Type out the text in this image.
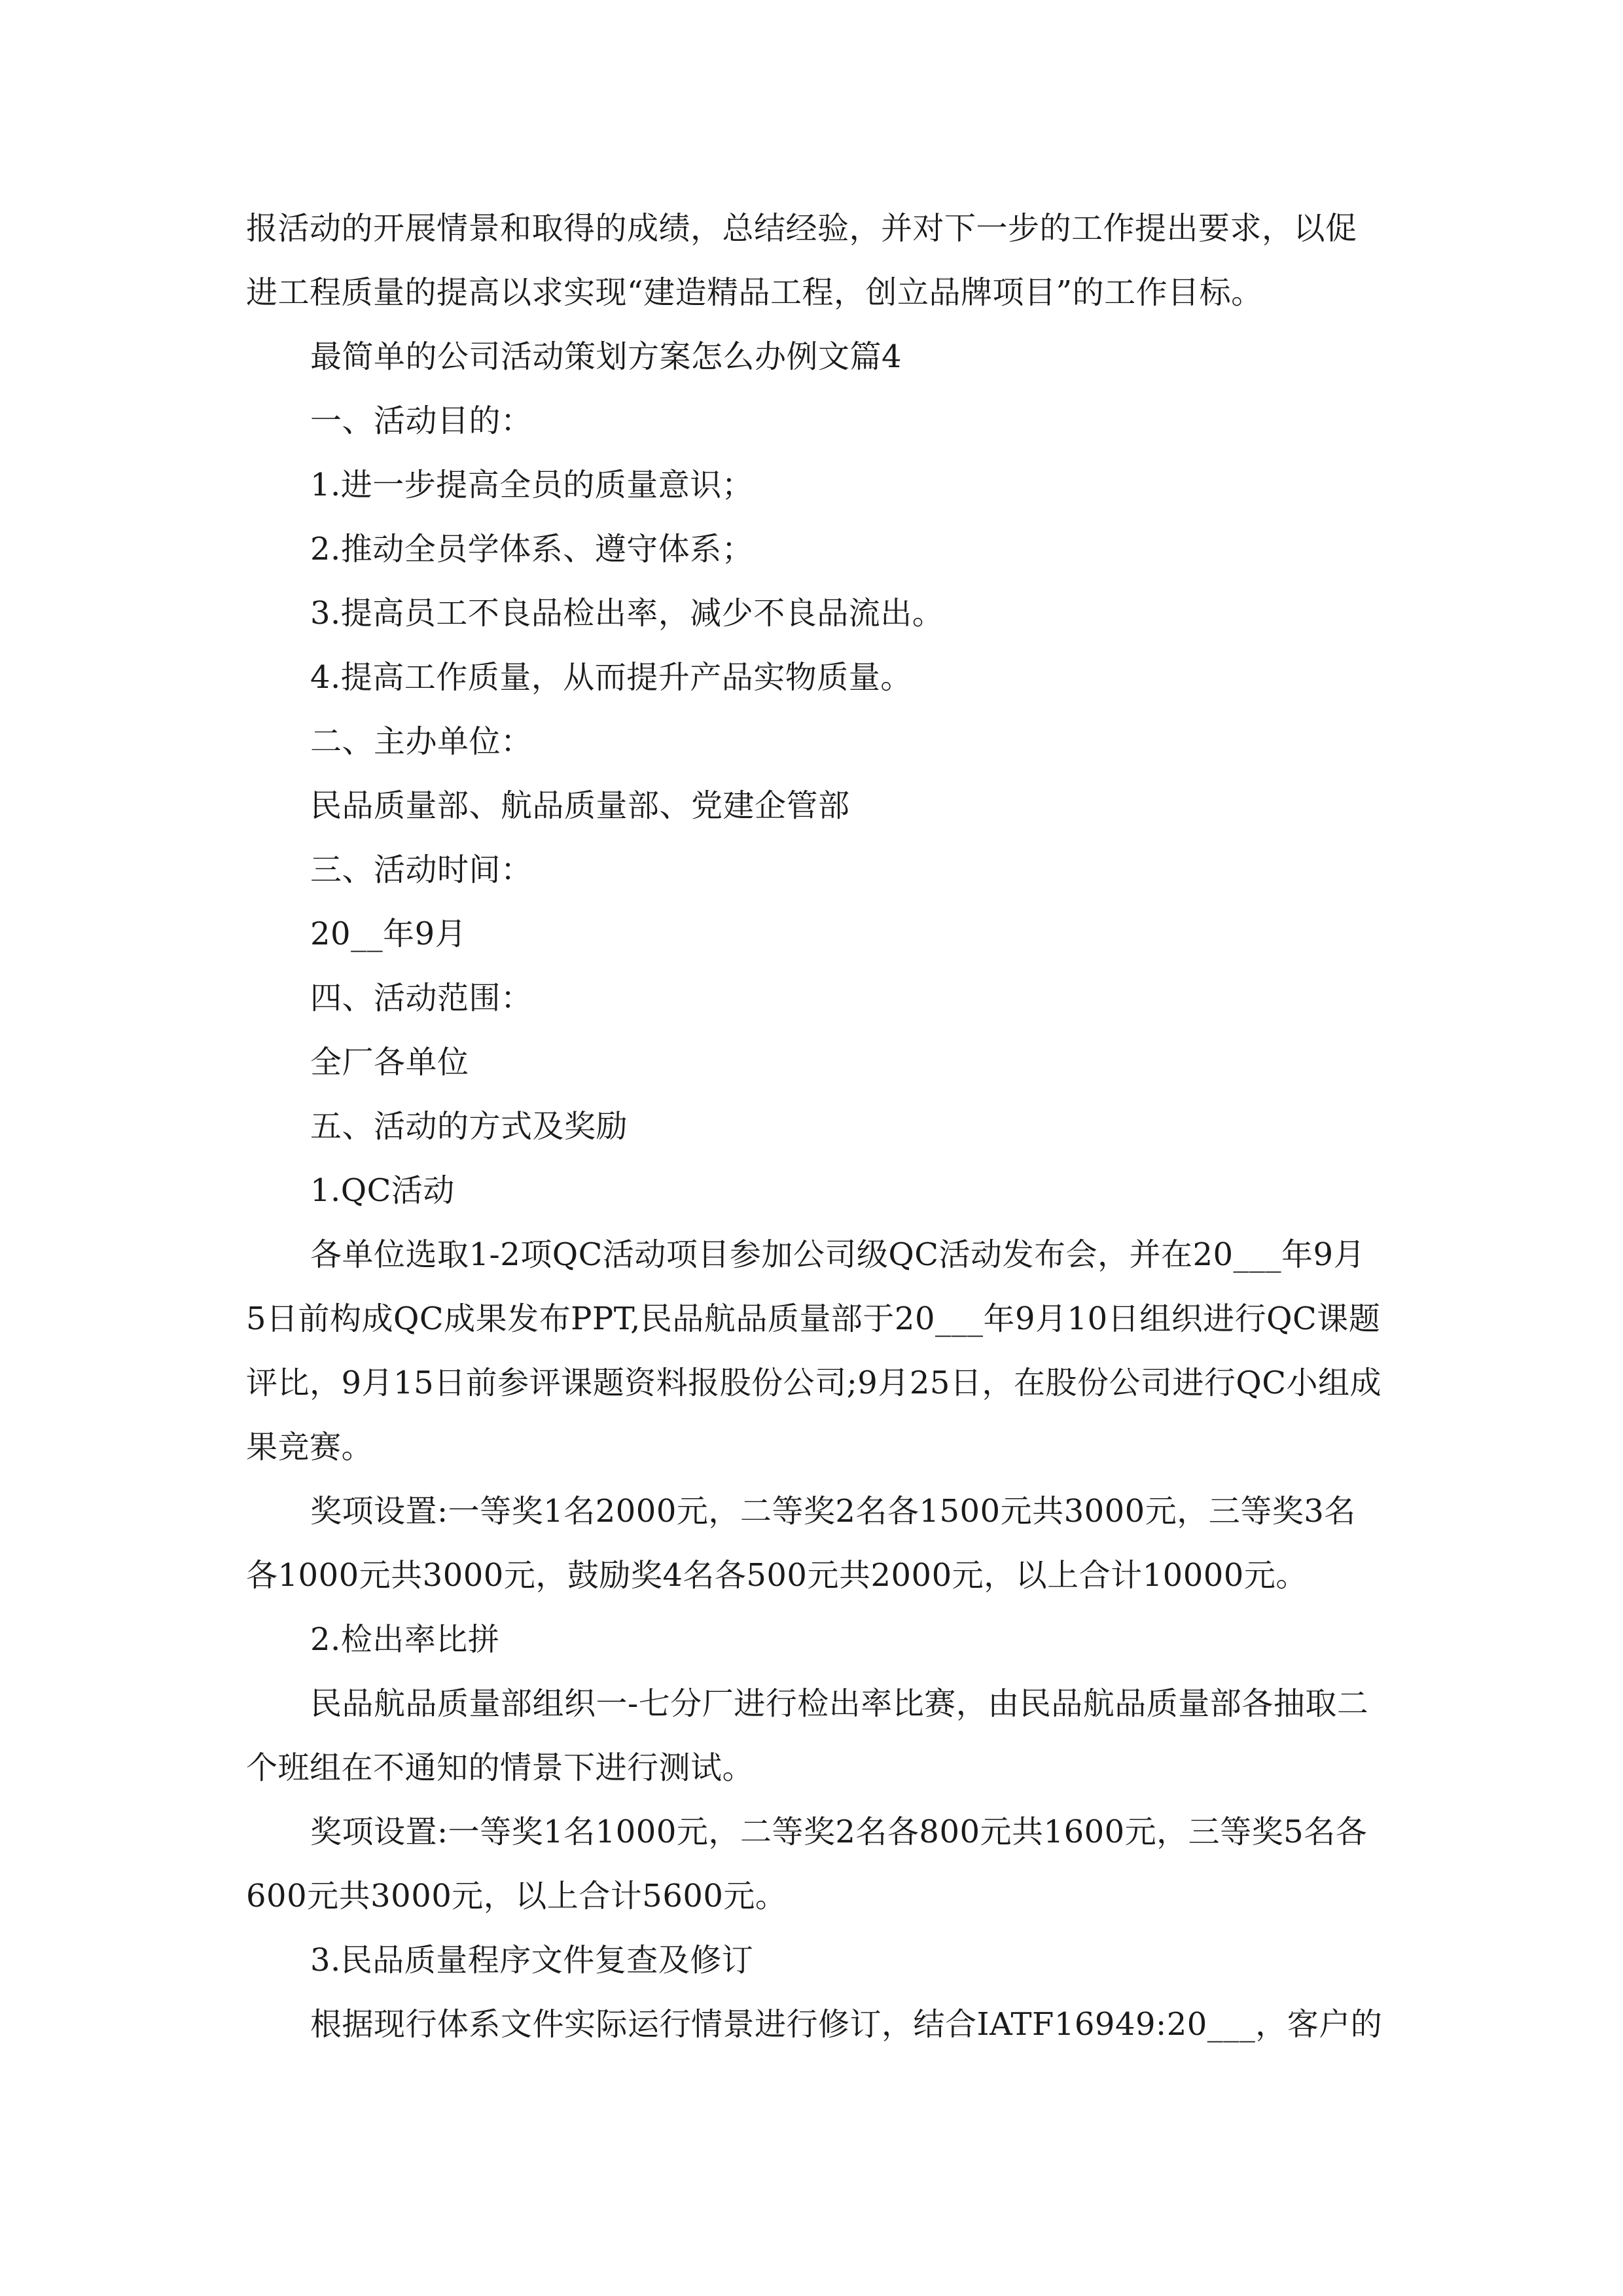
报活动的开展情景和取得的成绩，总结经验，并对下一步的工作提出要求，以促进工程质量的提高以求实现“建造精品工程，创立品牌项目”的工作目标。

最简单的公司活动策划方案怎么办例文篇4

一、活动目的：

1.进一步提高全员的质量意识；

2.推动全员学体系、遵守体系；

3.提高员工不良品检出率，减少不良品流出。

4.提高工作质量，从而提升产品实物质量。

二、主办单位：

民品质量部、航品质量部、党建企管部

三、活动时间：

20__年9月

四、活动范围：

全厂各单位

五、活动的方式及奖励

1.QC活动

各单位选取1-2项QC活动项目参加公司级QC活动发布会，并在20___年9月5日前构成QC成果发布PPT,民品航品质量部于20___年9月10日组织进行QC课题评比，9月15日前参评课题资料报股份公司;9月25日，在股份公司进行QC小组成果竞赛。

奖项设置:一等奖1名2000元，二等奖2名各1500元共3000元，三等奖3名各1000元共3000元，鼓励奖4名各500元共2000元，以上合计10000元。

2.检出率比拼

民品航品质量部组织一-七分厂进行检出率比赛，由民品航品质量部各抽取二个班组在不通知的情景下进行测试。

奖项设置:一等奖1名1000元，二等奖2名各800元共1600元，三等奖5名各600元共3000元，以上合计5600元。

3.民品质量程序文件复查及修订

根据现行体系文件实际运行情景进行修订，结合IATF16949:20___，客户的
